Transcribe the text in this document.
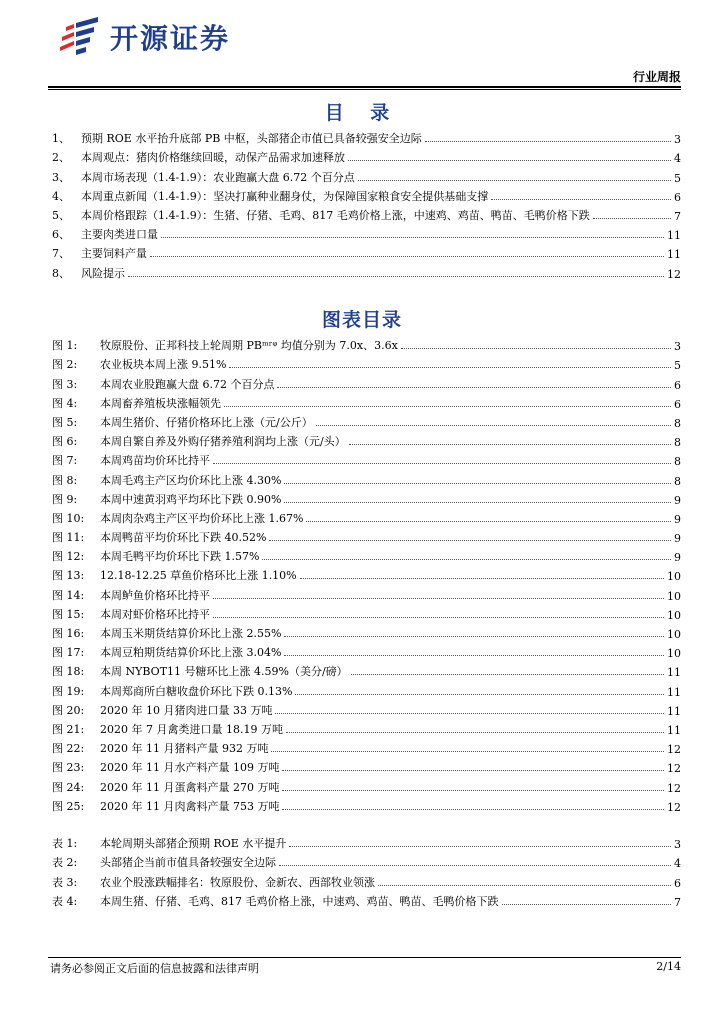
开源证券
行业周报
目 录
1、	预期 ROE 水平抬升底部 PB 中枢，头部猪企市值已具备较强安全边际	3
2、	本周观点：猪肉价格继续回暖，动保产品需求加速释放	4
3、	本周市场表现（1.4-1.9）：农业跑赢大盘 6.72 个百分点	5
4、	本周重点新闻（1.4-1.9）：坚决打赢种业翻身仗，为保障国家粮食安全提供基础支撑	6
5、	本周价格跟踪（1.4-1.9）：生猪、仔猪、毛鸡、817 毛鸡价格上涨，中速鸡、鸡苗、鸭苗、毛鸭价格下跌	7
6、	主要肉类进口量	11
7、	主要饲料产量	11
8、	风险提示	12
图表目录
图 1:	牧原股份、正邦科技上轮周期 PBᵐʳᵠ 均值分别为 7.0x、3.6x	3
图 2:	农业板块本周上涨 9.51%	5
图 3:	本周农业股跑赢大盘 6.72 个百分点	6
图 4:	本周畜养殖板块涨幅领先	6
图 5:	本周生猪价、仔猪价格环比上涨（元/公斤）	8
图 6:	本周自繁自养及外购仔猪养殖利润均上涨（元/头）	8
图 7:	本周鸡苗均价环比持平	8
图 8:	本周毛鸡主产区均价环比上涨 4.30%	8
图 9:	本周中速黄羽鸡平均环比下跌 0.90%	9
图 10:	本周肉杂鸡主产区平均价环比上涨 1.67%	9
图 11:	本周鸭苗平均价环比下跌 40.52%	9
图 12:	本周毛鸭平均价环比下跌 1.57%	9
图 13:	12.18-12.25 草鱼价格环比上涨 1.10%	10
图 14:	本周鲈鱼价格环比持平	10
图 15:	本周对虾价格环比持平	10
图 16:	本周玉米期货结算价环比上涨 2.55%	10
图 17:	本周豆粕期货结算价环比上涨 3.04%	10
图 18:	本周 NYBOT11 号糖环比上涨 4.59%（美分/磅）	11
图 19:	本周郑商所白糖收盘价环比下跌 0.13%	11
图 20:	2020 年 10 月猪肉进口量 33 万吨	11
图 21:	2020 年 7 月禽类进口量 18.19 万吨	11
图 22:	2020 年 11 月猪料产量 932 万吨	12
图 23:	2020 年 11 月水产料产量 109 万吨	12
图 24:	2020 年 11 月蛋禽料产量 270 万吨	12
图 25:	2020 年 11 月肉禽料产量 753 万吨	12
表 1:	本轮周期头部猪企预期 ROE 水平提升	3
表 2:	头部猪企当前市值具备较强安全边际	4
表 3:	农业个股涨跌幅排名：牧原股份、金新农、西部牧业领涨	6
表 4:	本周生猪、仔猪、毛鸡、817 毛鸡价格上涨，中速鸡、鸡苗、鸭苗、毛鸭价格下跌	7
请务必参阅正文后面的信息披露和法律声明	2/14
